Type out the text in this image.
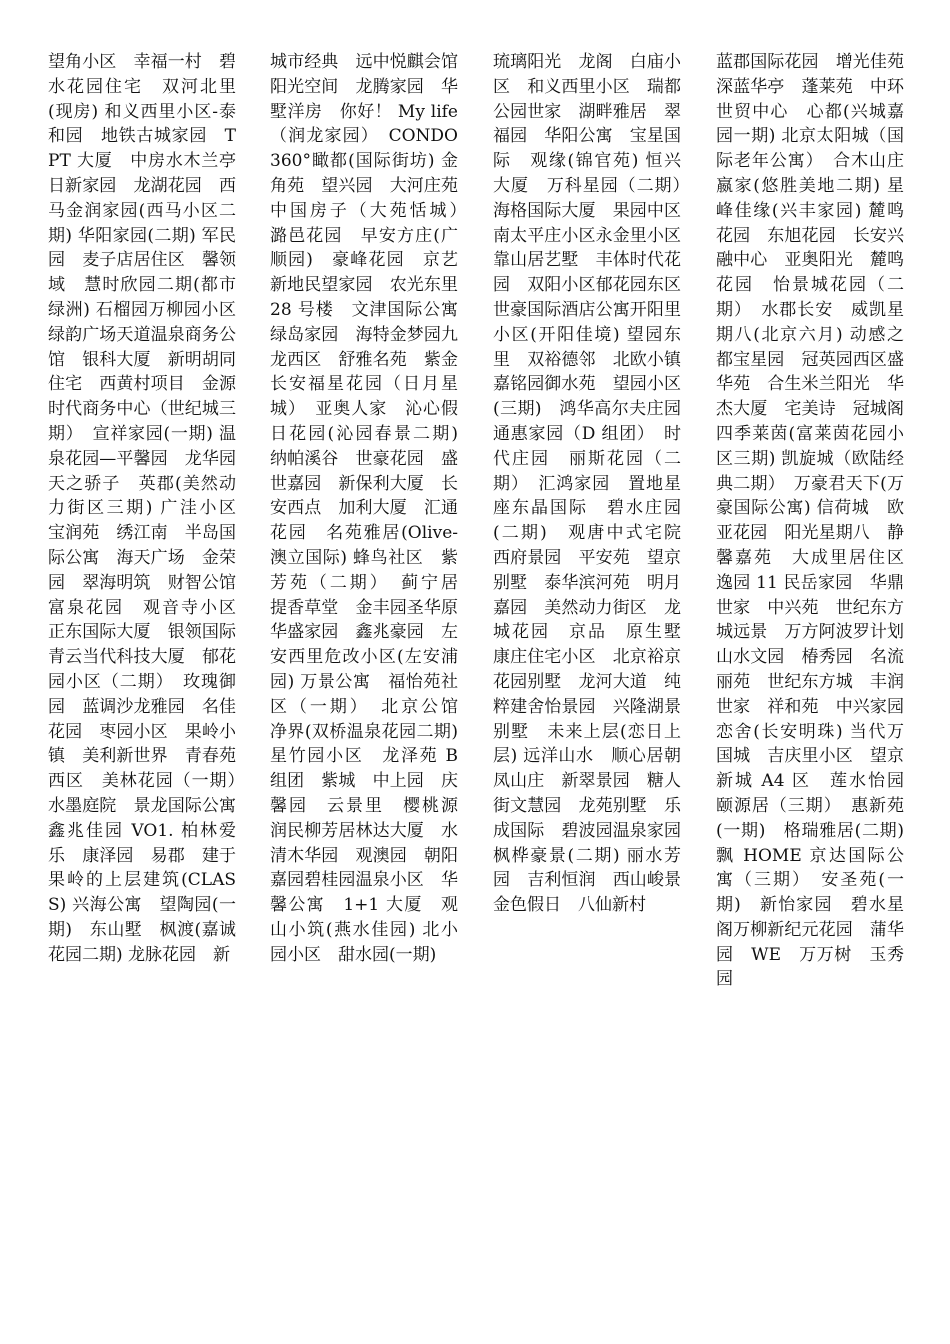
望角小区　幸福一村　碧水花园住宅　双河北里(现房) 和义西里小区-泰和园　地铁古城家园　TPT 大厦　中房水木兰亭　日新家园　龙湖花园　西马金润家园(西马小区二期) 华阳家园(二期) 军民园　麦子店居住区　馨领域　慧时欣园二期(都市绿洲) 石榴园万柳园小区　绿韵广场天道温泉商务公馆　银科大厦　新明胡同住宅　西黄村项目　金源时代商务中心（世纪城三期）　宣祥家园(一期) 温泉花园—平馨园　龙华园　天之骄子　英郡(美然动力街区三期) 广洼小区　宝润苑　绣江南　半岛国际公寓　海天广场　金荣园　翠海明筑　财智公馆　富泉花园　观音寺小区　正东国际大厦　银领国际　青云当代科技大厦　郁花园小区（二期）　玫瑰御园　蓝调沙龙雅园　名佳花园　枣园小区　果岭小镇　美利新世界　青春苑西区　美林花园（一期）　水墨庭院　景龙国际公寓　鑫兆佳园 VO1. 柏林爱乐　康泽园　易郡　建于果岭的上层建筑(CLASS) 兴海公寓　望陶园(一期)　东山墅　枫渡(嘉诚花园二期) 龙脉花园　新
城市经典　远中悦麒会馆　阳光空间　龙腾家园　华墅洋房　你好！ My life（润龙家园）　CONDO360°瞰都(国际街坊) 金角苑　望兴园　大河庄苑　中国房子（大苑恬城）　潞邑花园　早安方庄(广顺园)　豪峰花园　京艺新地民望家园　农光东里 28 号楼　文津国际公寓　绿岛家园　海特金梦园九龙西区　舒雅名苑　紫金长安福星花园（日月星城）　亚奥人家　沁心假日花园(沁园春景二期) 纳帕溪谷　世豪花园　盛世嘉园　新保利大厦　长安西点　加利大厦　汇通花园　名苑雅居(Olive-澳立国际) 蜂鸟社区　紫芳苑（二期）　蓟宁居　提香草堂　金丰园圣华原　华盛家园　鑫兆豪园　左安西里危改小区(左安浦园) 万景公寓　福怡苑社区（一期）　北京公馆　净界(双桥温泉花园二期) 星竹园小区　龙泽苑 B 组团　紫城　中上园　庆馨园　云景里　樱桃源　润民柳芳居林达大厦　水清木华园　观澳园　朝阳嘉园碧桂园温泉小区　华馨公寓　1+1 大厦　观山小筑(燕水佳园) 北小园小区　甜水园(一期)
琉璃阳光　龙阁　白庙小区　和义西里小区　瑞都公园世家　湖畔雅居　翠福园　华阳公寓　宝星国际　观缘(锦官苑) 恒兴大厦　万科星园（二期）　海格国际大厦　果园中区　南太平庄小区永金里小区　靠山居艺墅　丰体时代花园　双阳小区郁花园东区　世豪国际酒店公寓开阳里小区(开阳佳境) 望园东里　双裕德邻　北欧小镇　嘉铭园御水苑　望园小区(三期)　鸿华高尔夫庄园　通惠家园（D 组团）　时代庄园　丽斯花园（二期）　汇鸿家园　置地星座东晶国际　碧水庄园(二期)　观唐中式宅院　西府景园　平安苑　望京别墅　泰华滨河苑　明月嘉园　美然动力街区　龙城花园　京品　原生墅　康庄住宅小区　北京裕京花园别墅　龙河大道　纯粹建舍怡景园　兴隆湖景别墅　未来上层(恋日上层) 远洋山水　顺心居朝凤山庄　新翠景园　糖人街文慧园　龙苑别墅　乐成国际　碧波园温泉家园　枫桦豪景(二期) 丽水芳园　吉利恒润　西山峻景金色假日　八仙新村
蓝郡国际花园　增光佳苑　深蓝华亭　蓬莱苑　中环世贸中心　心都(兴城嘉园一期) 北京太阳城（国际老年公寓）　合木山庄　嬴家(悠胜美地二期) 星峰佳缘(兴丰家园) 麓鸣花园　东旭花园　长安兴融中心　亚奥阳光　麓鸣花园　怡景城花园（二期）　水郡长安　威凯星期八(北京六月) 动感之都宝星园　冠英园西区盛华苑　合生米兰阳光　华杰大厦　宅美诗　冠城阁　四季莱茵(富莱茵花园小区三期) 凯旋城（欧陆经典二期）　万豪君天下(万豪国际公寓) 信荷城　欧亚花园　阳光星期八　静馨嘉苑　大成里居住区　逸园 11 民岳家园　华鼎世家　中兴苑　世纪东方城远景　万方阿波罗计划　山水文园　椿秀园　名流丽苑　世纪东方城　丰润世家　祥和苑　中兴家园　恋舍(长安明珠) 当代万国城　吉庆里小区　望京新城 A4 区　莲水怡园　颐源居（三期）　惠新苑(一期)　格瑞雅居(二期)　飘 HOME 京达国际公寓（三期）　安圣苑(一期)　新怡家园　碧水星阁万柳新纪元花园　蒲华园　WE　万万树　玉秀园
